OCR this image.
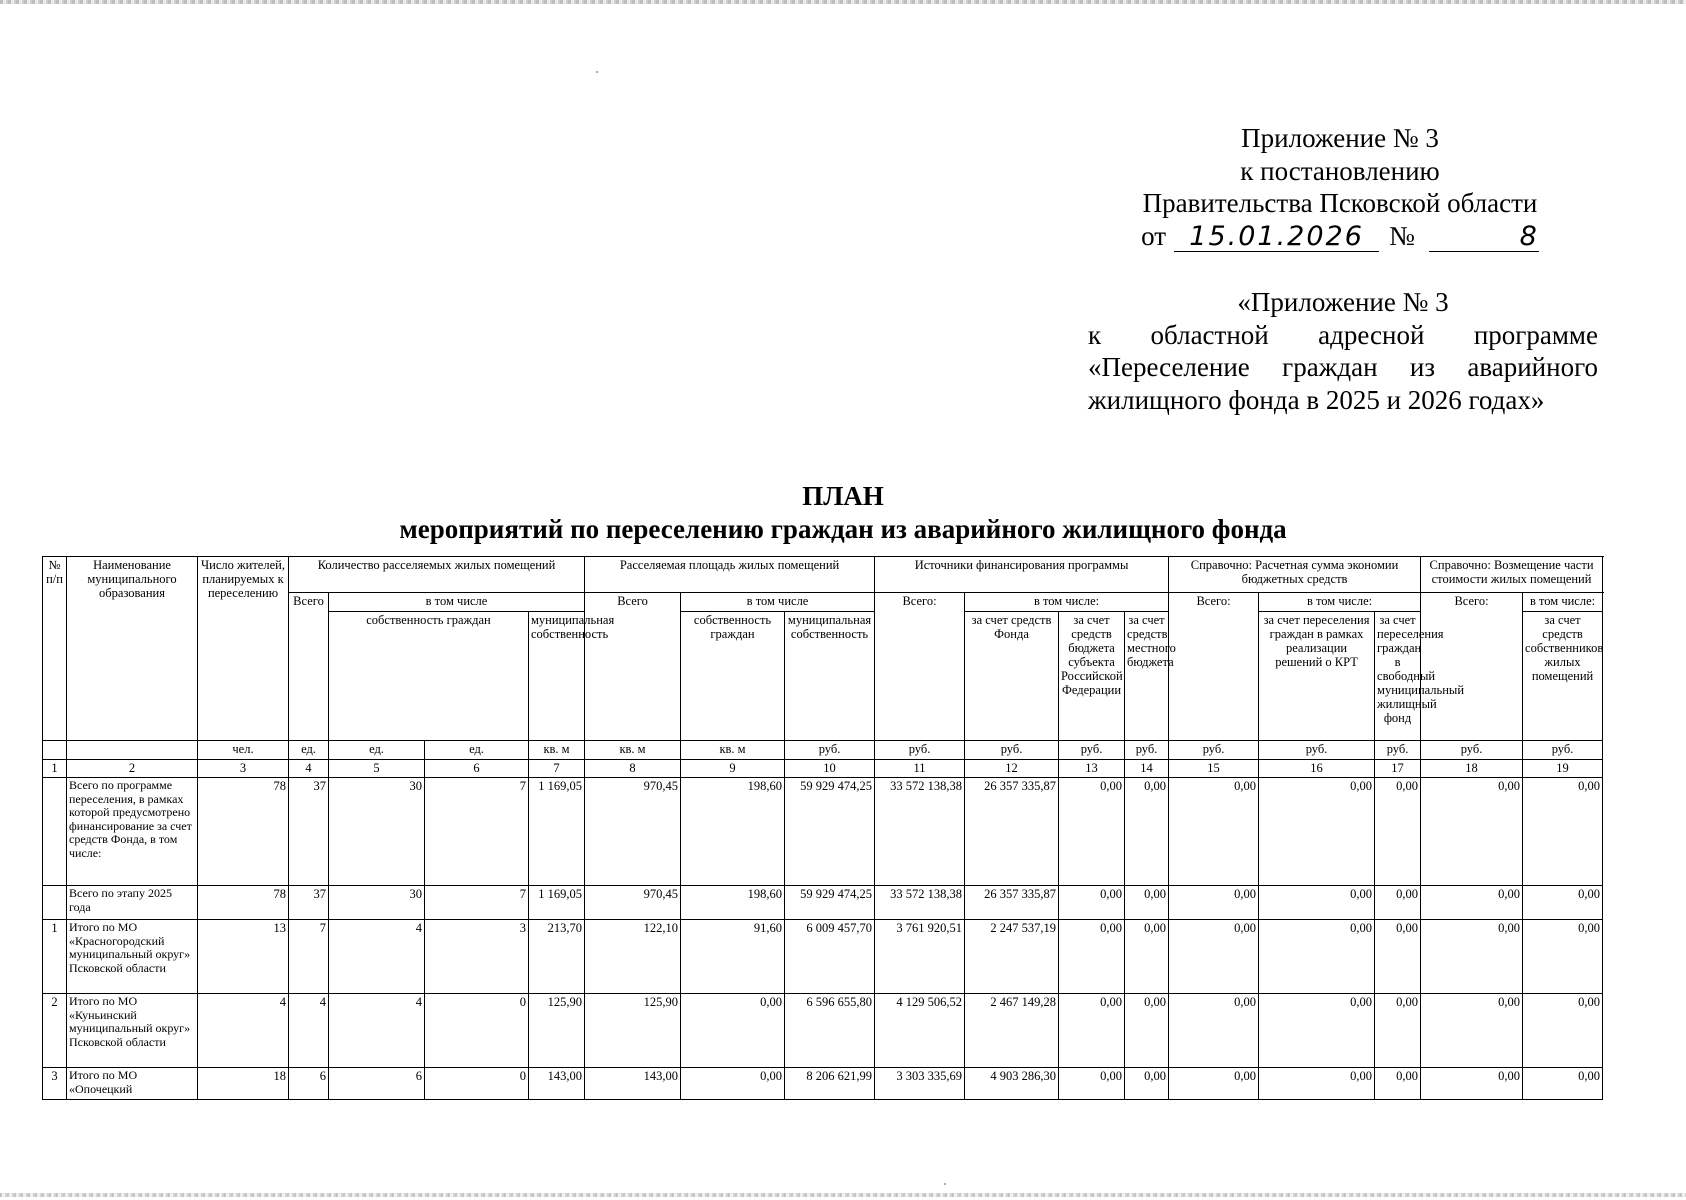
Приложение № 3
к постановлению
Правительства Псковской области
от 15.01.2026 №	8
«Приложение № 3
к областной адресной программе
«Переселение граждан из аварийного
жилищного фонда в 2025 и 2026 годах»
ПЛАН
мероприятий по переселению граждан из аварийного жилищного фонда
№ п/п	Наименование муниципального образования	Число жителей, планируемых к переселению	Количество расселяемых жилых помещений				Расселяемая площадь жилых помещений			Источники финансирования программы				Справочно: Расчетная сумма экономии бюджетных средств			Справочно: Возмещение части стоимости жилых помещений		
			Всего	в том числе			Всего	в том числе		Всего:	в том числе:			Всего:	в том числе:		Всего:	в том числе:	
				собственность граждан		муниципальная собственность		собственность граждан	муниципальная собственность		за счет средств Фонда	за счет средств бюджета субъекта Российской Федерации	за счет средств местного бюджета		за счет переселения граждан в рамках реализации решений о КРТ	за счет переселения граждан в свободный муниципальный жилищный фонд		за счет средств собственников жилых помещений	
		чел.	ед.	ед.	ед.	кв. м	кв. м	кв. м	руб.	руб.	руб.	руб.	руб.	руб.	руб.	руб.	руб.	руб.	
1	2	3	4	5	6	7	8	9	10	11	12	13	14	15	16	17	18	19	
	Всего по программе переселения, в рамках которой предусмотрено финансирование за счет средств Фонда, в том числе:	78	37	30	7	1 169,05	970,45	198,60	59 929 474,25	33 572 138,38	26 357 335,87	0,00	0,00	0,00	0,00	0,00	0,00	0,00	
	Всего по этапу 2025 года	78	37	30	7	1 169,05	970,45	198,60	59 929 474,25	33 572 138,38	26 357 335,87	0,00	0,00	0,00	0,00	0,00	0,00	0,00	
1	Итого по МО «Красногородский муниципальный округ» Псковской области	13	7	4	3	213,70	122,10	91,60	6 009 457,70	3 761 920,51	2 247 537,19	0,00	0,00	0,00	0,00	0,00	0,00	0,00	
2	Итого по МО «Куньинский муниципальный округ» Псковской области	4	4	4	0	125,90	125,90	0,00	6 596 655,80	4 129 506,52	2 467 149,28	0,00	0,00	0,00	0,00	0,00	0,00	0,00	
3	Итого по МО «Опочецкий	18	6	6	0	143,00	143,00	0,00	8 206 621,99	3 303 335,69	4 903 286,30	0,00	0,00	0,00	0,00	0,00	0,00	0,00	
